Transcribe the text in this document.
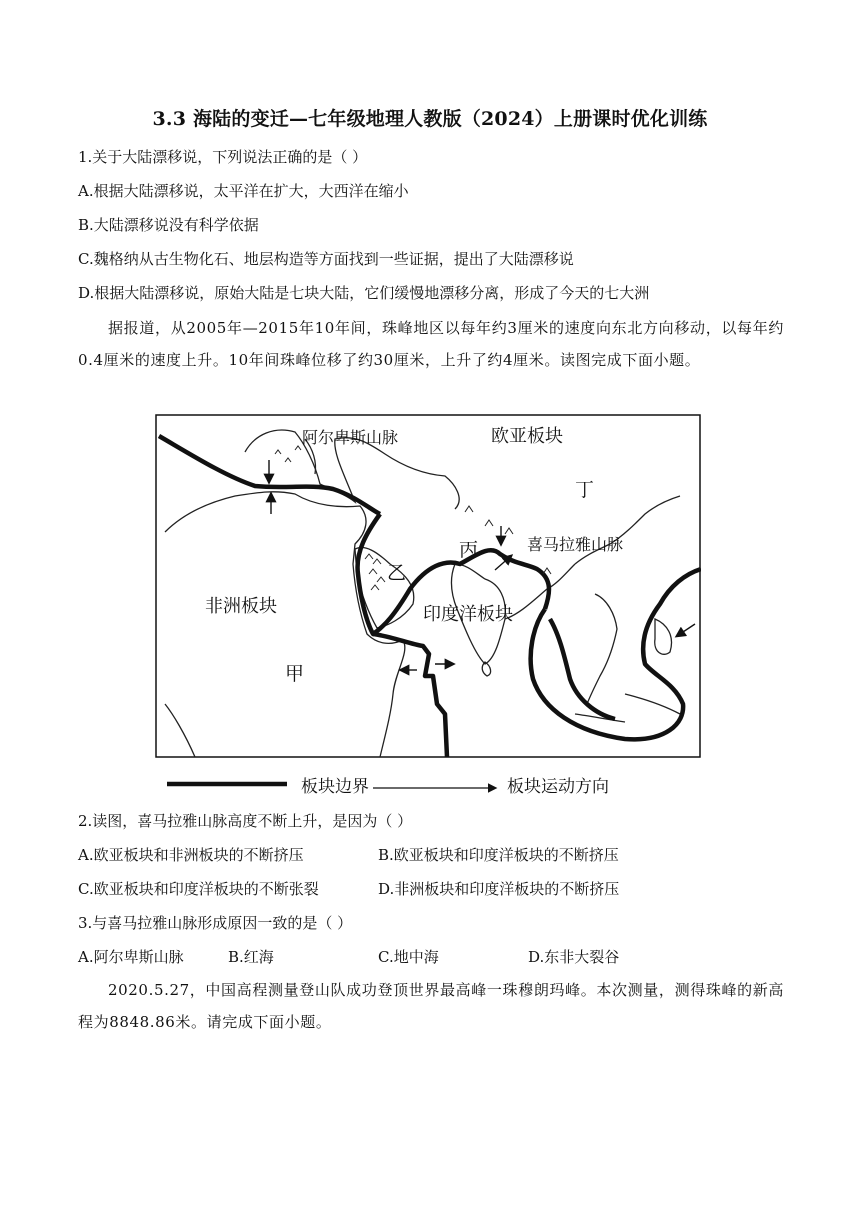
3.3 海陆的变迁—七年级地理人教版（2024）上册课时优化训练
1.关于大陆漂移说，下列说法正确的是（ ）
A.根据大陆漂移说，太平洋在扩大，大西洋在缩小
B.大陆漂移说没有科学依据
C.魏格纳从古生物化石、地层构造等方面找到一些证据，提出了大陆漂移说
D.根据大陆漂移说，原始大陆是七块大陆，它们缓慢地漂移分离，形成了今天的七大洲
据报道，从2005年—2015年10年间，珠峰地区以每年约3厘米的速度向东北方向移动，以每年约0.4厘米的速度上升。10年间珠峰位移了约30厘米，上升了约4厘米。读图完成下面小题。
阿尔卑斯山脉	欧亚板块
丁
丙	喜马拉雅山脉
乙
非洲板块	印度洋板块
甲
板块边界	板块运动方向
2.读图，喜马拉雅山脉高度不断上升，是因为（ ）
A.欧亚板块和非洲板块的不断挤压	B.欧亚板块和印度洋板块的不断挤压
C.欧亚板块和印度洋板块的不断张裂	D.非洲板块和印度洋板块的不断挤压
3.与喜马拉雅山脉形成原因一致的是（ ）
A.阿尔卑斯山脉	B.红海	C.地中海	D.东非大裂谷
2020.5.27，中国高程测量登山队成功登顶世界最高峰一珠穆朗玛峰。本次测量，测得珠峰的新高程为8848.86米。请完成下面小题。
